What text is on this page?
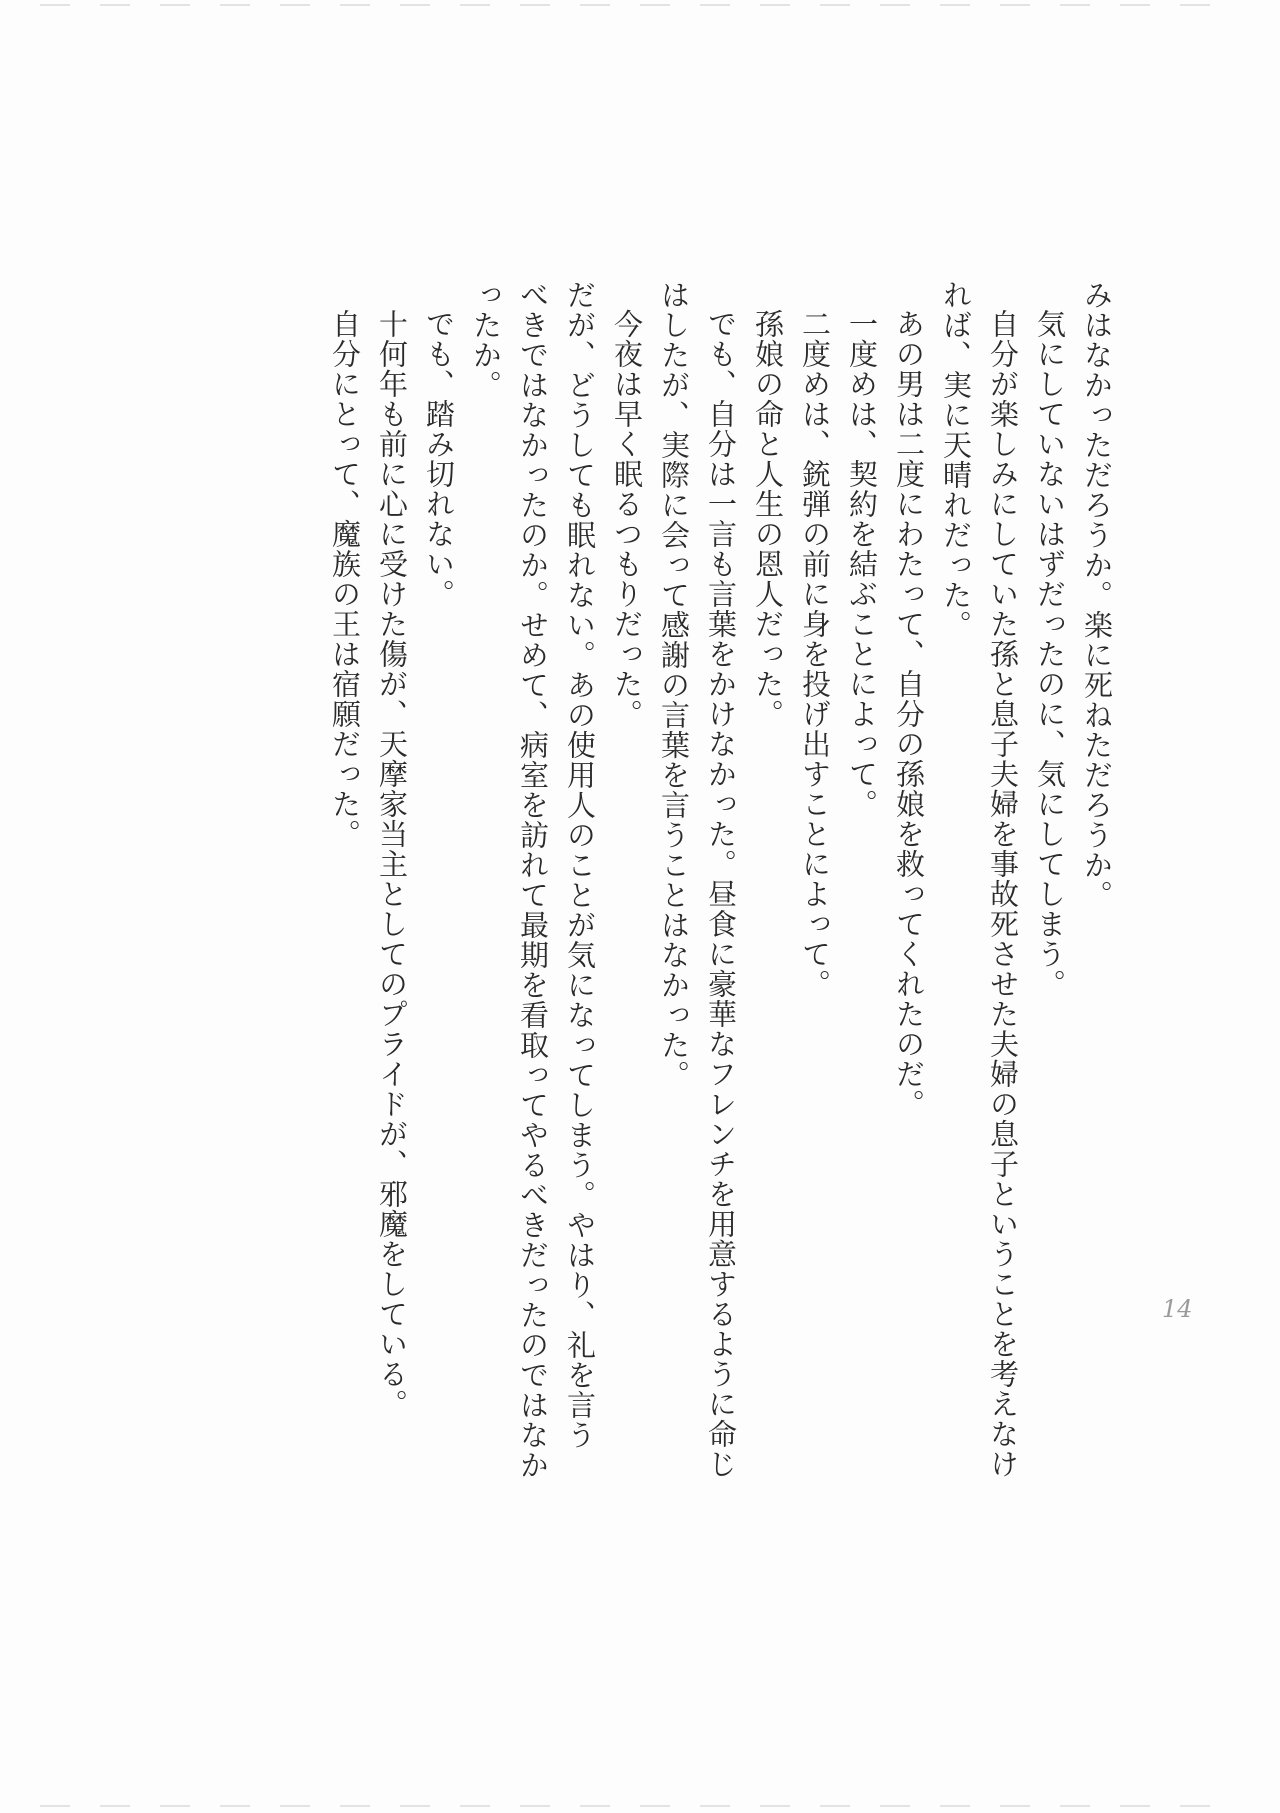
みはなかっただろうか。楽に死ねただろうか。
気にしていないはずだったのに、気にしてしまう。
自分が楽しみにしていた孫と息子夫婦を事故死させた夫婦の息子ということを考えなけ
れば、実に天晴れだった。
あの男は二度にわたって、自分の孫娘を救ってくれたのだ。
一度めは、契約を結ぶことによって。
二度めは、銃弾の前に身を投げ出すことによって。
孫娘の命と人生の恩人だった。
でも、自分は一言も言葉をかけなかった。昼食に豪華なフレンチを用意するように命じ
はしたが、実際に会って感謝の言葉を言うことはなかった。
今夜は早く眠るつもりだった。
だが、どうしても眠れない。あの使用人のことが気になってしまう。やはり、礼を言う
べきではなかったのか。せめて、病室を訪れて最期を看取ってやるべきだったのではなか
ったか。
でも、踏み切れない。
十何年も前に心に受けた傷が、天摩家当主としてのプライドが、邪魔をしている。
自分にとって、魔族の王は宿願だった。
14
